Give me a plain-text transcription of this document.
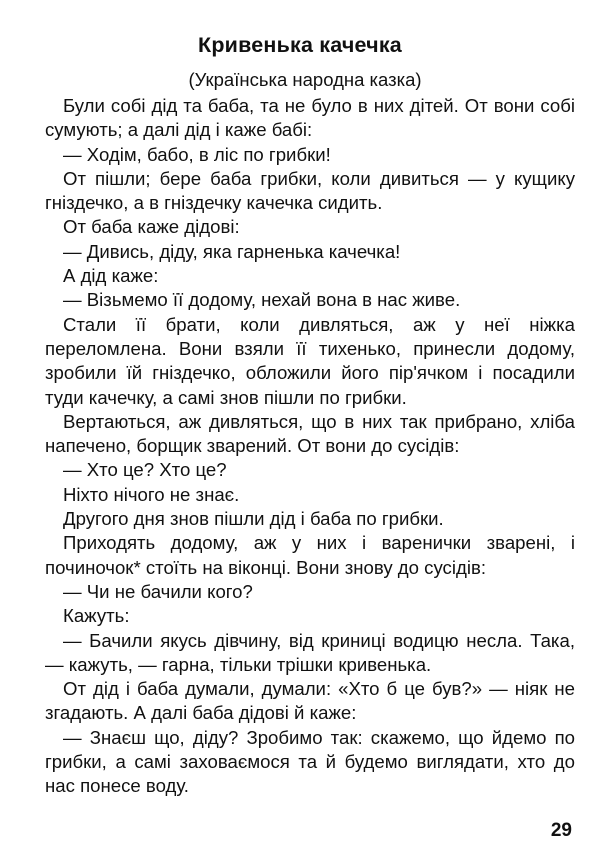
Кривенька качечка
(Українська народна казка)

Були собі дід та баба, та не було в них дітей. От вони собі сумують; а далі дід і каже бабі:

— Ходім, бабо, в ліс по грибки!

От пішли; бере баба грибки, коли дивиться — у кущику гніздечко, а в гніздечку качечка сидить.

От баба каже дідові:

— Дивись, діду, яка гарненька качечка!

А дід каже:

— Візьмемо її додому, нехай вона в нас живе.

Стали її брати, коли дивляться, аж у неї ніжка переломлена. Вони взяли її тихенько, принесли додому, зробили їй гніздечко, обложили його пір'ячком і посадили туди качечку, а самі знов пішли по грибки.

Вертаються, аж дивляться, що в них так прибрано, хліба напечено, борщик зварений. От вони до сусідів:

— Хто це? Хто це?

Ніхто нічого не знає.

Другого дня знов пішли дід і баба по грибки.

Приходять додому, аж у них і варенички зварені, і починочок* стоїть на віконці. Вони знову до сусідів:

— Чи не бачили кого?

Кажуть:

— Бачили якусь дівчину, від криниці водицю несла. Така, — кажуть, — гарна, тільки трішки кривенька.

От дід і баба думали, думали: «Хто б це був?» — ніяк не згадають. А далі баба дідові й каже:

— Знаєш що, діду? Зробимо так: скажемо, що йдемо по грибки, а самі заховаємося та й будемо виглядати, хто до нас понесе воду.

29
